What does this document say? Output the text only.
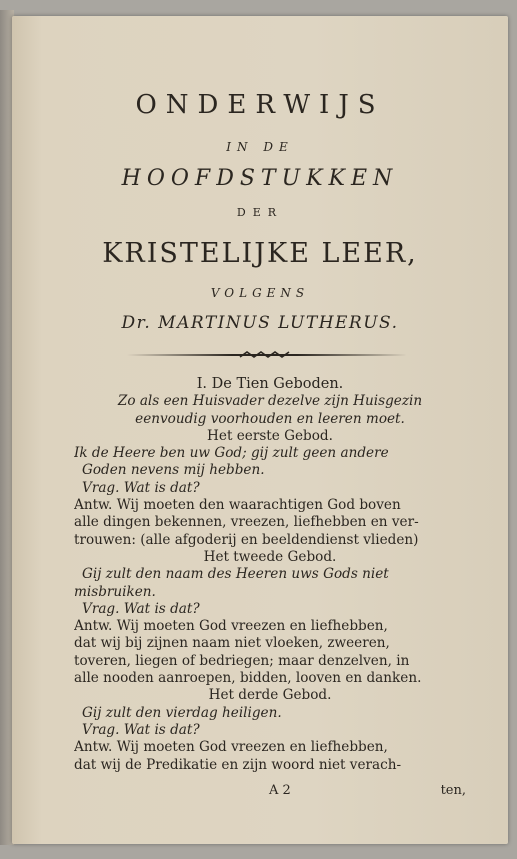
ONDERWIJS
IN DE
HOOFDSTUKKEN
DER
KRISTELIJKE LEER,
VOLGENS
Dr. MARTINUS LUTHERUS.
I. De Tien Geboden.
Zo als een Huisvader dezelve zijn Huisgezin
eenvoudig voorhouden en leeren moet.
Het eerste Gebod.
Ik de Heere ben uw God; gij zult geen andere
Goden nevens mij hebben.
Vrag. Wat is dat?
Antw. Wij moeten den waarachtigen God boven
alle dingen bekennen, vreezen, liefhebben en ver-
trouwen: (alle afgoderij en beeldendienst vlieden)
Het tweede Gebod.
Gij zult den naam des Heeren uws Gods niet
misbruiken.
Vrag. Wat is dat?
Antw. Wij moeten God vreezen en liefhebben,
dat wij bij zijnen naam niet vloeken, zweeren,
toveren, liegen of bedriegen; maar denzelven, in
alle nooden aanroepen, bidden, looven en danken.
Het derde Gebod.
Gij zult den vierdag heiligen.
Vrag. Wat is dat?
Antw. Wij moeten God vreezen en liefhebben,
dat wij de Predikatie en zijn woord niet verach-
A 2	ten,
